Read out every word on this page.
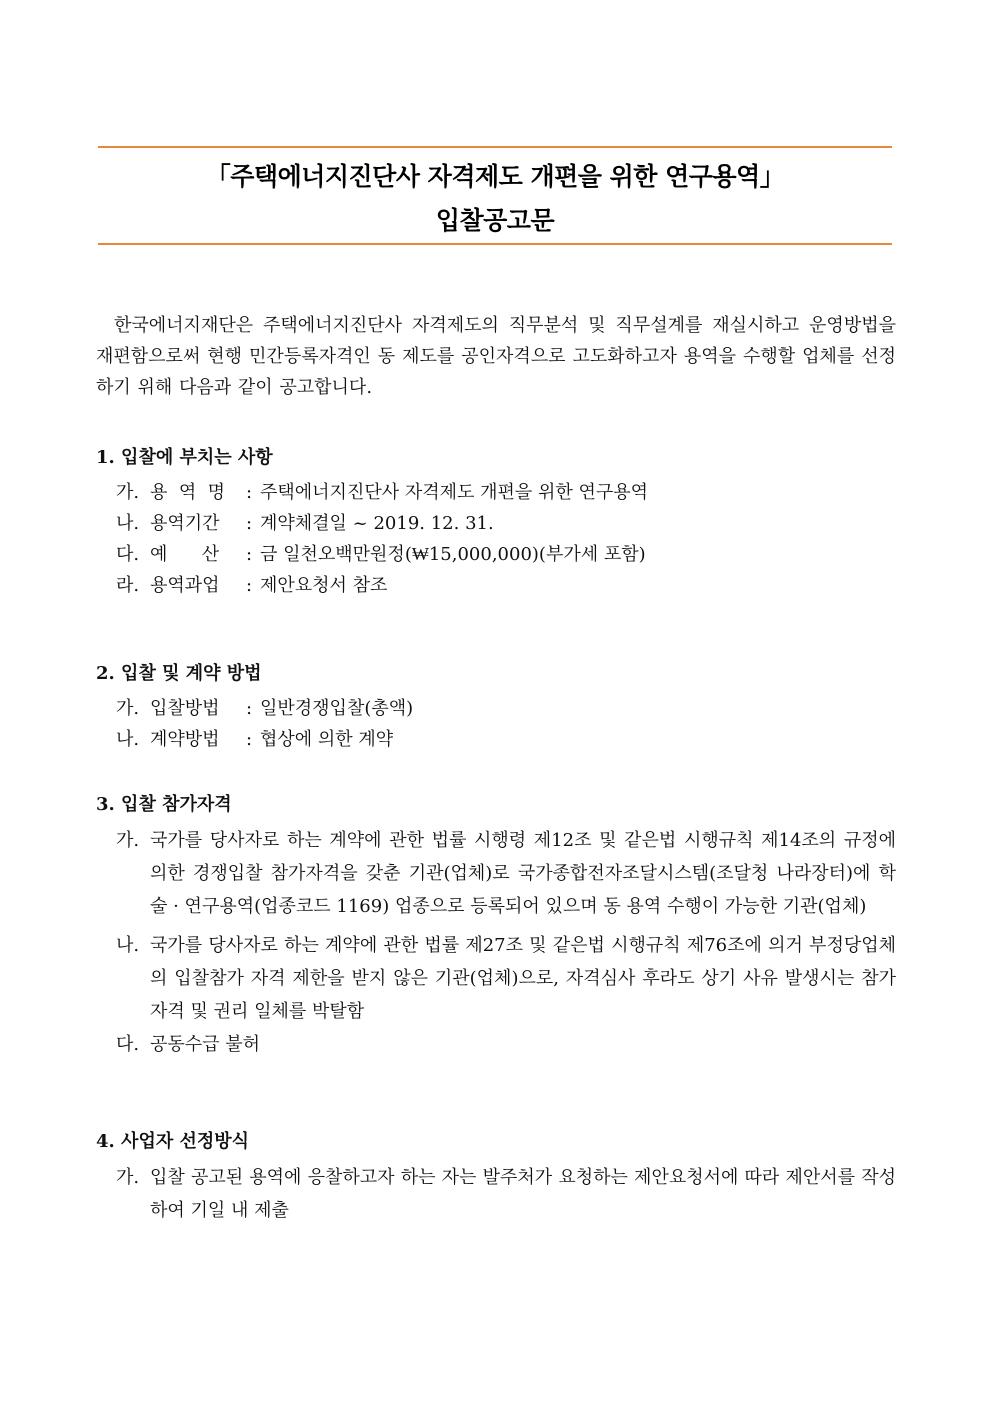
「주택에너지진단사 자격제도 개편을 위한 연구용역」
입찰공고문
한국에너지재단은 주택에너지진단사 자격제도의 직무분석 및 직무설계를 재실시하고 운영방법을 재편함으로써 현행 민간등록자격인 동 제도를 공인자격으로 고도화하고자 용역을 수행할 업체를 선정하기 위해 다음과 같이 공고합니다.
1. 입찰에 부치는 사항
가. 용  역  명	: 주택에너지진단사 자격제도 개편을 위한 연구용역
나. 용역기간	: 계약체결일 ~ 2019. 12. 31.
다. 예      산	: 금 일천오백만원정(₩15,000,000)(부가세 포함)
라. 용역과업	: 제안요청서 참조
2. 입찰 및 계약 방법
가. 입찰방법	: 일반경쟁입찰(총액)
나. 계약방법	: 협상에 의한 계약
3. 입찰 참가자격
가. 국가를 당사자로 하는 계약에 관한 법률 시행령 제12조 및 같은법 시행규칙 제14조의 규정에 의한 경쟁입찰 참가자격을 갖춘 기관(업체)로 국가종합전자조달시스템(조달청 나라장터)에 학술 · 연구용역(업종코드 1169) 업종으로 등록되어 있으며 동 용역 수행이 가능한 기관(업체)
나. 국가를 당사자로 하는 계약에 관한 법률 제27조 및 같은법 시행규칙 제76조에 의거 부정당업체의 입찰참가 자격 제한을 받지 않은 기관(업체)으로, 자격심사 후라도 상기 사유 발생시는 참가자격 및 권리 일체를 박탈함
다. 공동수급 불허
4. 사업자 선정방식
가. 입찰 공고된 용역에 응찰하고자 하는 자는 발주처가 요청하는 제안요청서에 따라 제안서를 작성하여 기일 내 제출
